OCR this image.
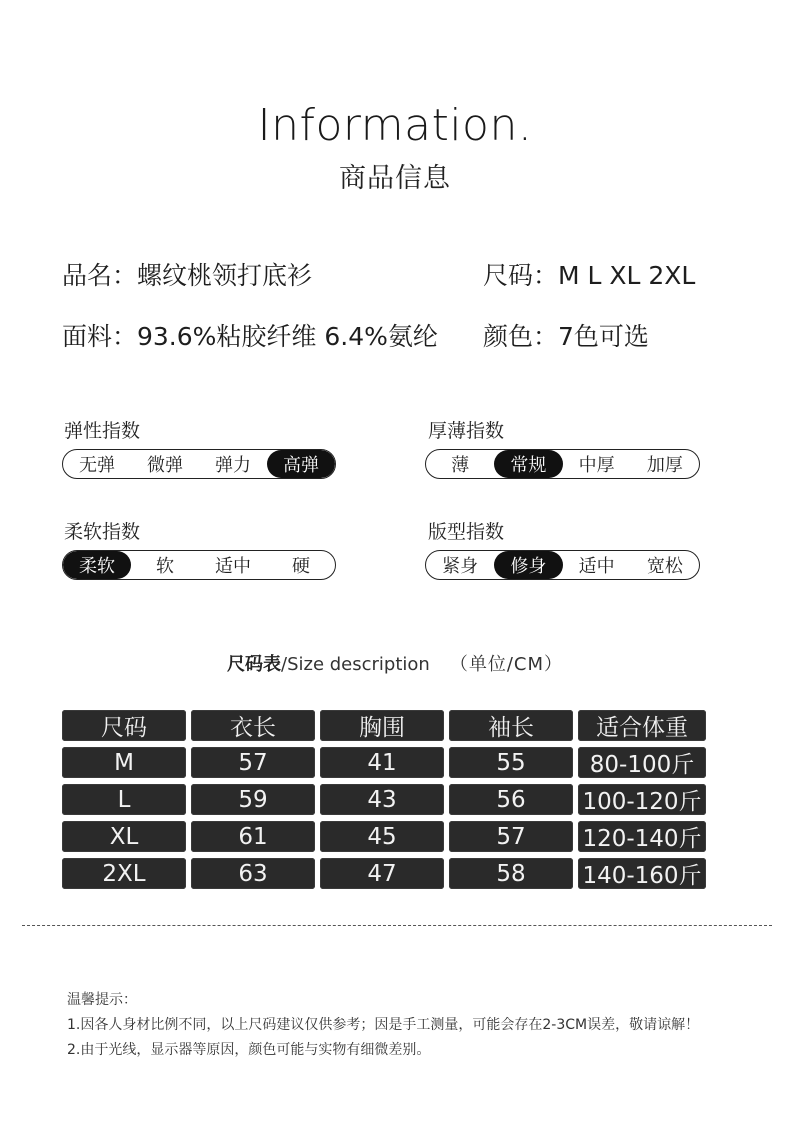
Information.
商品信息
品名：螺纹桃领打底衫	尺码：M L XL 2XL
面料：93.6%粘胶纤维 6.4%氨纶 颜色：7色可选
弹性指数
无弹	微弹	弹力	高弹
厚薄指数
薄	常规	中厚	加厚
柔软指数
柔软	软	适中	硬
版型指数
紧身	修身	适中	宽松
尺码表/Size description （单位/CM）
尺码	衣长	胸围	袖长	适合体重
M	57	41	55	80-100斤
L	59	43	56	100-120斤
XL	61	45	57	120-140斤
2XL	63	47	58	140-160斤
温馨提示：
1.因各人身材比例不同，以上尺码建议仅供参考；因是手工测量，可能会存在2-3CM误差，敬请谅解！
2.由于光线，显示器等原因，颜色可能与实物有细微差别。
